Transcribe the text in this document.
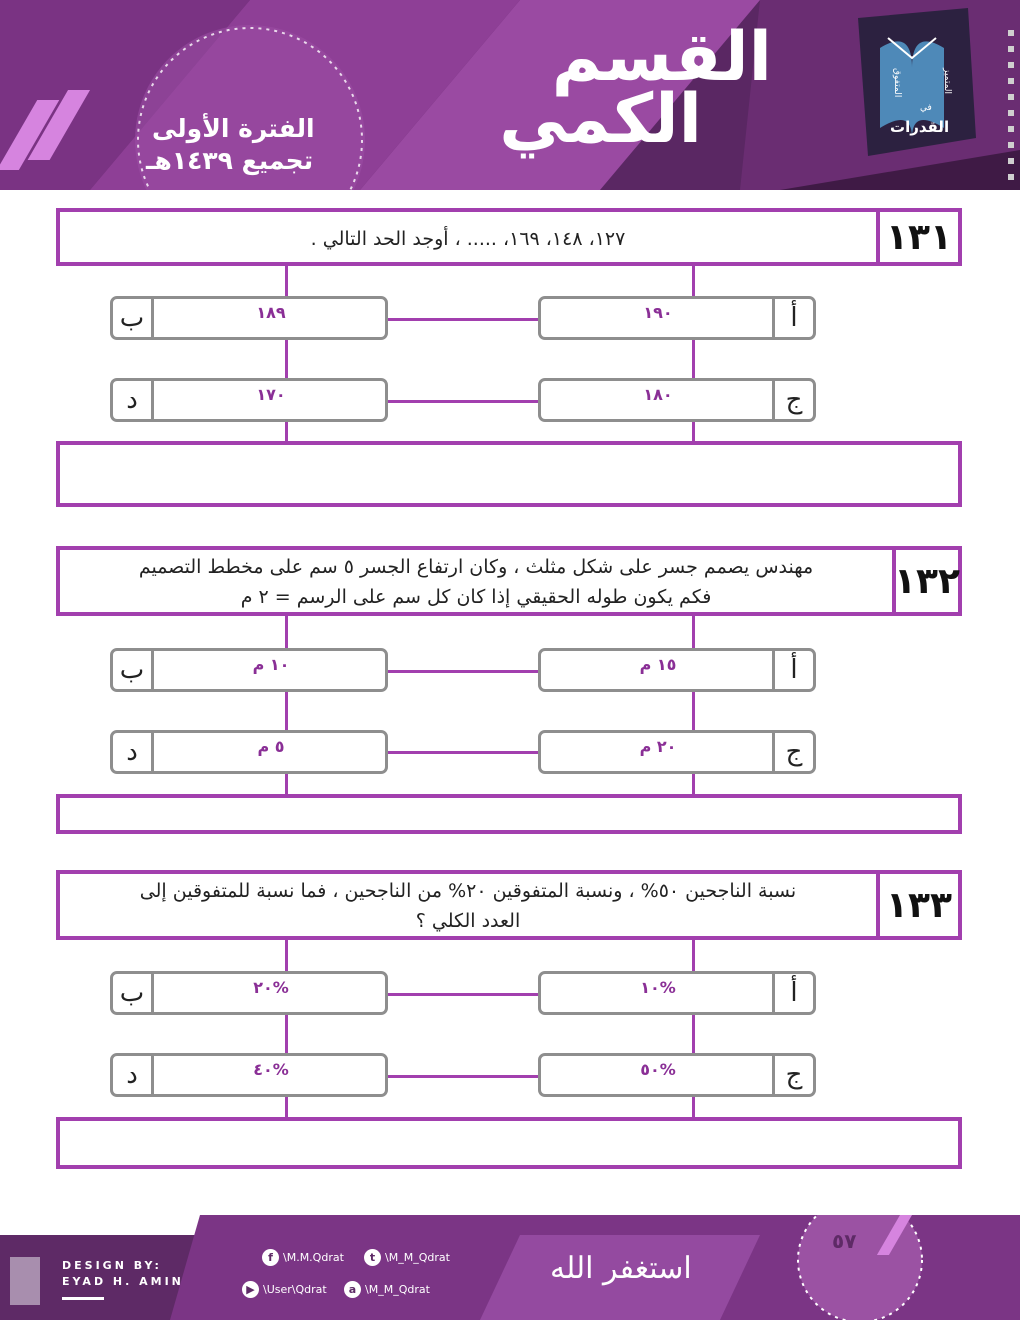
القسم
الكمي
الفترة الأولى
تجميع ١٤٣٩هـ
القدرات
المتميز
المتفوق
في
١٢٧، ١٤٨، ١٦٩، ..... ، أوجد الحد التالي .	١٣١
١٩٠	أ
ب	١٨٩
١٨٠	ج
د	١٧٠
مهندس يصمم جسر على شكل مثلث ، وكان ارتفاع الجسر ٥ سم على مخطط التصميم
فكم يكون طوله الحقيقي إذا كان كل سم على الرسم = ٢ م	١٣٢
١٥ م	أ
ب	١٠ م
٢٠ م	ج
د	٥ م
نسبة الناجحين ٥٠% ، ونسبة المتفوقين ٢٠% من الناجحين ، فما نسبة للمتفوقين إلى
العدد الكلي ؟	١٣٣
١٠%	أ
ب	٢٠%
٥٠%	ج
د	٤٠%
٥٧
DESIGN BY:
EYAD H. AMIN
f \M.M.Qdrat	t \M_M_Qdrat
▶ \User\Qdrat	a \M_M_Qdrat
استغفر الله
